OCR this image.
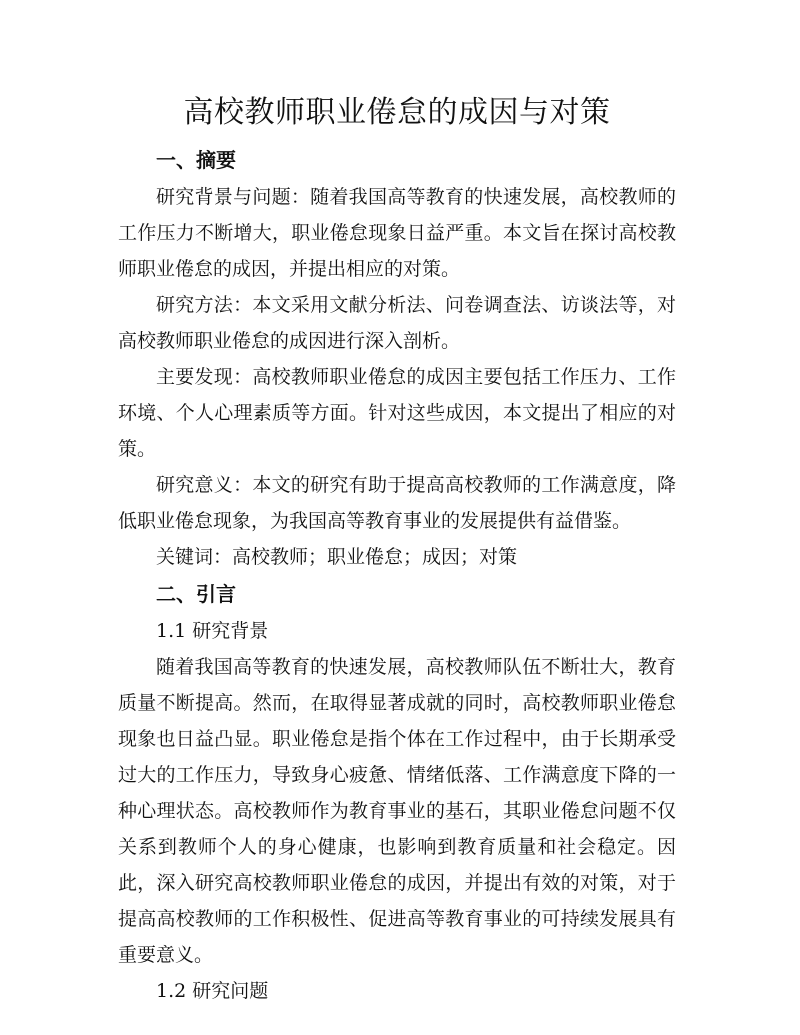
高校教师职业倦怠的成因与对策
一、摘要

研究背景与问题：随着我国高等教育的快速发展，高校教师的工作压力不断增大，职业倦怠现象日益严重。本文旨在探讨高校教师职业倦怠的成因，并提出相应的对策。

研究方法：本文采用文献分析法、问卷调查法、访谈法等，对高校教师职业倦怠的成因进行深入剖析。

主要发现：高校教师职业倦怠的成因主要包括工作压力、工作环境、个人心理素质等方面。针对这些成因，本文提出了相应的对策。

研究意义：本文的研究有助于提高高校教师的工作满意度，降低职业倦怠现象，为我国高等教育事业的发展提供有益借鉴。

关键词：高校教师；职业倦怠；成因；对策

二、引言

1.1 研究背景

随着我国高等教育的快速发展，高校教师队伍不断壮大，教育质量不断提高。然而，在取得显著成就的同时，高校教师职业倦怠现象也日益凸显。职业倦怠是指个体在工作过程中，由于长期承受过大的工作压力，导致身心疲惫、情绪低落、工作满意度下降的一种心理状态。高校教师作为教育事业的基石，其职业倦怠问题不仅关系到教师个人的身心健康，也影响到教育质量和社会稳定。因此，深入研究高校教师职业倦怠的成因，并提出有效的对策，对于提高高校教师的工作积极性、促进高等教育事业的可持续发展具有重要意义。

1.2 研究问题
